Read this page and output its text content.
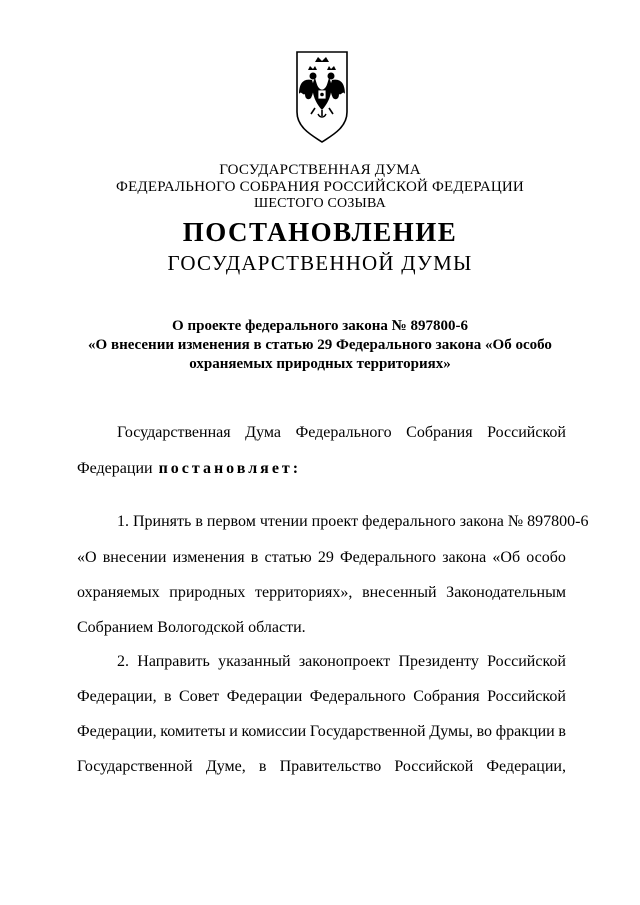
ГОСУДАРСТВЕННАЯ ДУМА
ФЕДЕРАЛЬНОГО СОБРАНИЯ РОССИЙСКОЙ ФЕДЕРАЦИИ
ШЕСТОГО СОЗЫВА
ПОСТАНОВЛЕНИЕ
ГОСУДАРСТВЕННОЙ ДУМЫ
О проекте федерального закона № 897800-6
«О внесении изменения в статью 29 Федерального закона «Об особо
охраняемых природных территориях»
Государственная Дума Федерального Собрания Российской
Федерации постановляет:
1. Принять в первом чтении проект федерального закона № 897800-6
«О внесении изменения в статью 29 Федерального закона «Об особо
охраняемых природных территориях», внесенный Законодательным
Собранием Вологодской области.
2. Направить указанный законопроект Президенту Российской
Федерации, в Совет Федерации Федерального Собрания Российской
Федерации, комитеты и комиссии Государственной Думы, во фракции в
Государственной Думе, в Правительство Российской Федерации,
